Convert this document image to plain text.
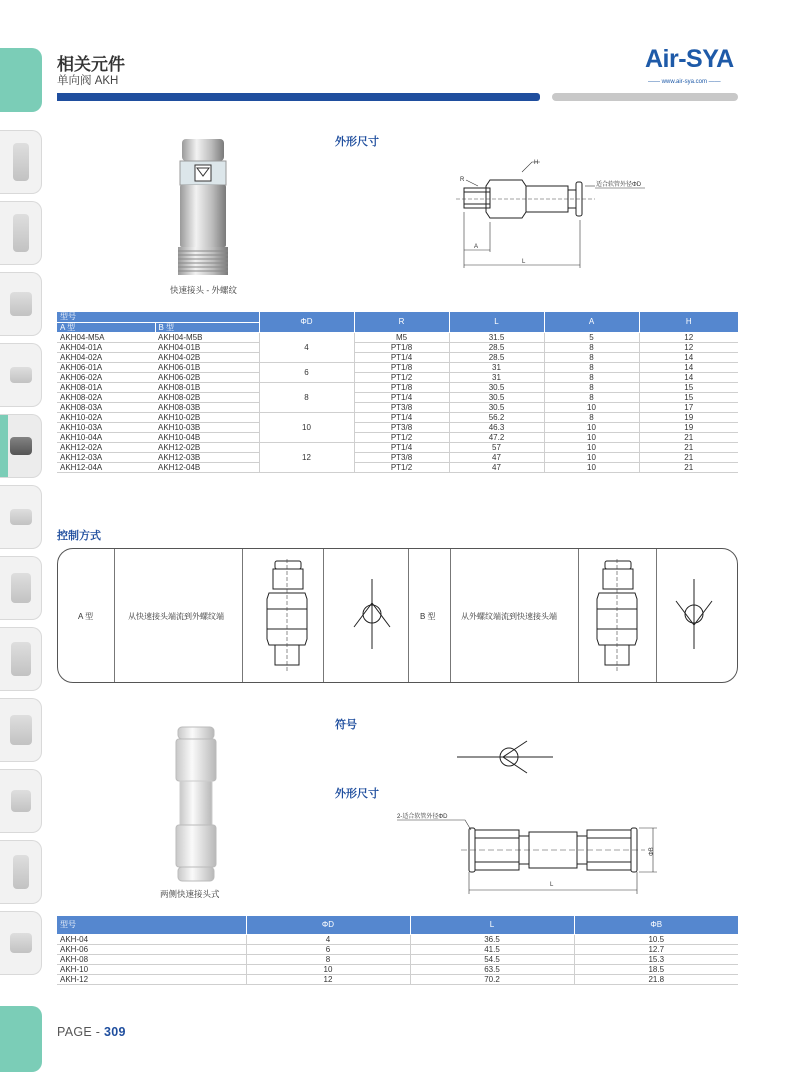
相关元件
单向阀 AKH
Air-SYA
—— www.air-sya.com ——
快速接头 - 外螺纹
外形尺寸
R
H
适合软管外径ΦD
A
L
型号		ΦD	R	L	A	H
A 型	B 型					
AKH04-M5A	AKH04-M5B	4	M5	31.5	5	12
AKH04-01A	AKH04-01B		PT1/8	28.5	8	12
AKH04-02A	AKH04-02B		PT1/4	28.5	8	14
AKH06-01A	AKH06-01B	6	PT1/8	31	8	14
AKH06-02A	AKH06-02B		PT1/2	31	8	14
AKH08-01A	AKH08-01B	8	PT1/8	30.5	8	15
AKH08-02A	AKH08-02B		PT1/4	30.5	8	15
AKH08-03A	AKH08-03B		PT3/8	30.5	10	17
AKH10-02A	AKH10-02B	10	PT1/4	56.2	8	19
AKH10-03A	AKH10-03B		PT3/8	46.3	10	19
AKH10-04A	AKH10-04B		PT1/2	47.2	10	21
AKH12-02A	AKH12-02B	12	PT1/4	57	10	21
AKH12-03A	AKH12-03B		PT3/8	47	10	21
AKH12-04A	AKH12-04B		PT1/2	47	10	21
控制方式
A 型	从快速接头端流到外螺纹端	B 型	从外螺纹端流到快速接头端
两侧快速接头式
符号
外形尺寸
2-适合软管外径ΦD
ΦB
L
型号	ΦD	L	ΦB
AKH-04	4	36.5	10.5
AKH-06	6	41.5	12.7
AKH-08	8	54.5	15.3
AKH-10	10	63.5	18.5
AKH-12	12	70.2	21.8
PAGE - 309
